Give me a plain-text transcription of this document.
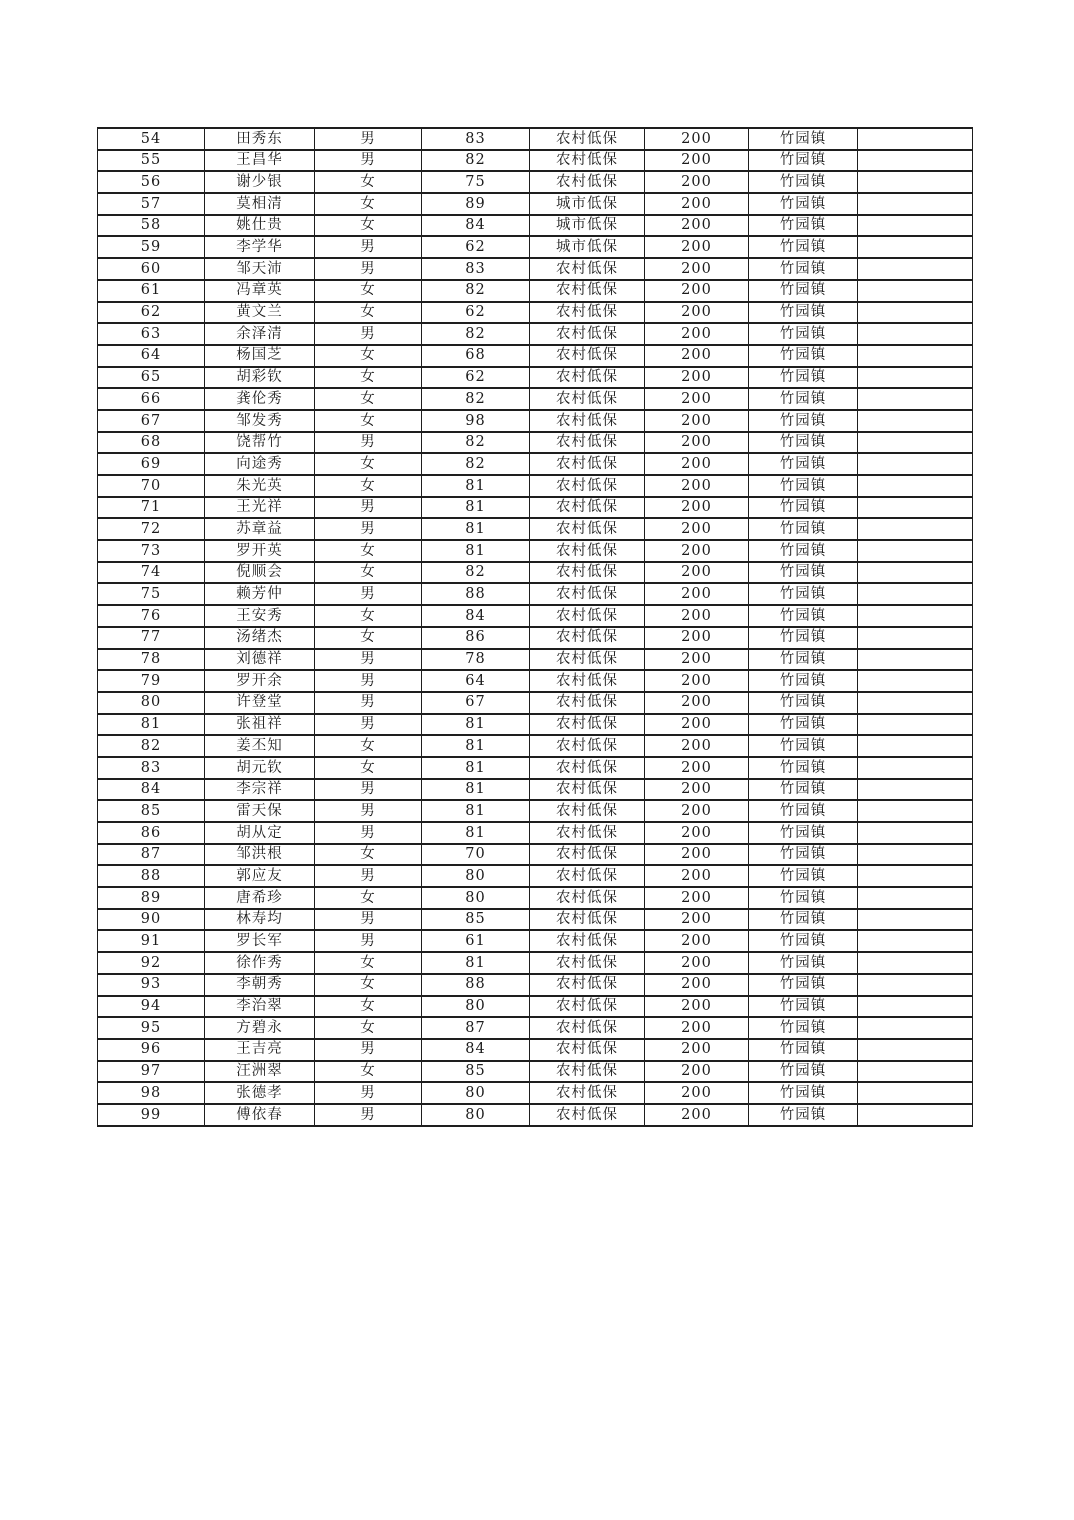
54	田秀东	男	83	农村低保	200	竹园镇	
55	王昌华	男	82	农村低保	200	竹园镇	
56	谢少银	女	75	农村低保	200	竹园镇	
57	莫相清	女	89	城市低保	200	竹园镇	
58	姚仕贵	女	84	城市低保	200	竹园镇	
59	李学华	男	62	城市低保	200	竹园镇	
60	邹天沛	男	83	农村低保	200	竹园镇	
61	冯章英	女	82	农村低保	200	竹园镇	
62	黄文兰	女	62	农村低保	200	竹园镇	
63	余泽清	男	82	农村低保	200	竹园镇	
64	杨国芝	女	68	农村低保	200	竹园镇	
65	胡彩钦	女	62	农村低保	200	竹园镇	
66	龚伦秀	女	82	农村低保	200	竹园镇	
67	邹发秀	女	98	农村低保	200	竹园镇	
68	饶帮竹	男	82	农村低保	200	竹园镇	
69	向途秀	女	82	农村低保	200	竹园镇	
70	朱光英	女	81	农村低保	200	竹园镇	
71	王光祥	男	81	农村低保	200	竹园镇	
72	苏章益	男	81	农村低保	200	竹园镇	
73	罗开英	女	81	农村低保	200	竹园镇	
74	倪顺会	女	82	农村低保	200	竹园镇	
75	赖芳仲	男	88	农村低保	200	竹园镇	
76	王安秀	女	84	农村低保	200	竹园镇	
77	汤绪杰	女	86	农村低保	200	竹园镇	
78	刘德祥	男	78	农村低保	200	竹园镇	
79	罗开余	男	64	农村低保	200	竹园镇	
80	许登堂	男	67	农村低保	200	竹园镇	
81	张祖祥	男	81	农村低保	200	竹园镇	
82	姜丕知	女	81	农村低保	200	竹园镇	
83	胡元钦	女	81	农村低保	200	竹园镇	
84	李宗祥	男	81	农村低保	200	竹园镇	
85	雷天保	男	81	农村低保	200	竹园镇	
86	胡从定	男	81	农村低保	200	竹园镇	
87	邹洪根	女	70	农村低保	200	竹园镇	
88	郭应友	男	80	农村低保	200	竹园镇	
89	唐希珍	女	80	农村低保	200	竹园镇	
90	林寿均	男	85	农村低保	200	竹园镇	
91	罗长军	男	61	农村低保	200	竹园镇	
92	徐作秀	女	81	农村低保	200	竹园镇	
93	李朝秀	女	88	农村低保	200	竹园镇	
94	李治翠	女	80	农村低保	200	竹园镇	
95	方碧永	女	87	农村低保	200	竹园镇	
96	王吉亮	男	84	农村低保	200	竹园镇	
97	汪洲翠	女	85	农村低保	200	竹园镇	
98	张德孝	男	80	农村低保	200	竹园镇	
99	傅依春	男	80	农村低保	200	竹园镇	
